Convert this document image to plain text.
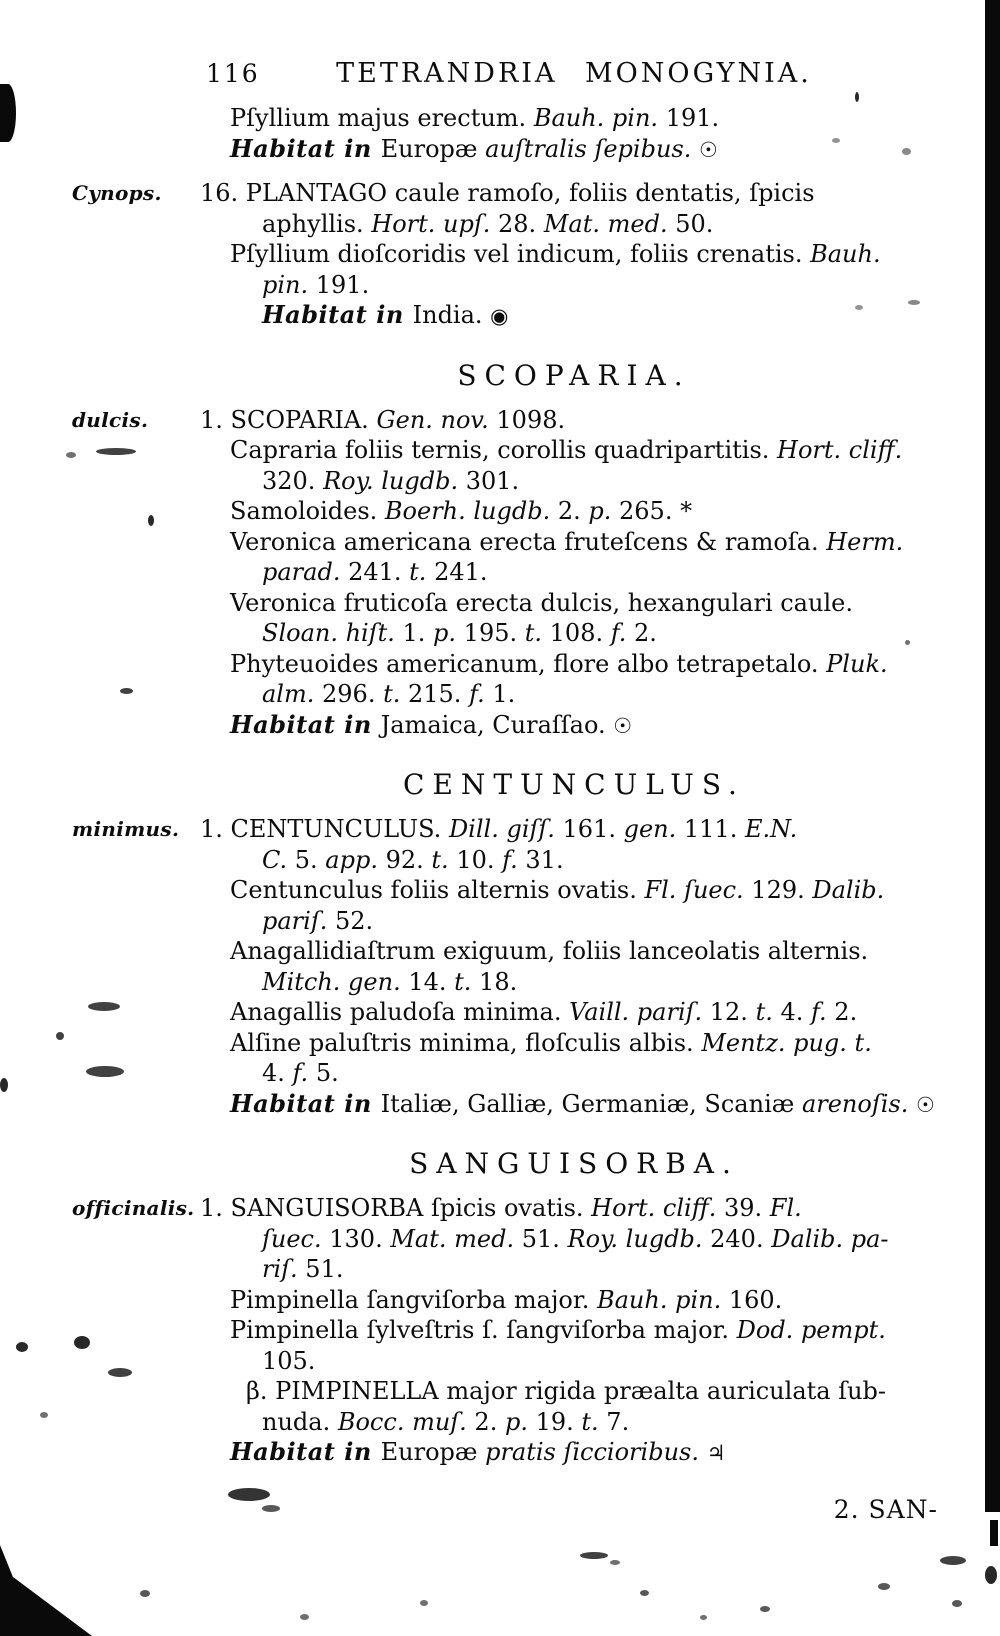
116	TETRANDRIA MONOGYNIA.
Pſyllium majus erectum. Bauh. pin. 191.
Habitat in Europæ auſtralis ſepibus. ☉
Cynops.	16. PLANTAGO caule ramoſo, foliis dentatis, ſpicis
aphyllis. Hort. upſ. 28. Mat. med. 50.
Pſyllium dioſcoridis vel indicum, foliis crenatis. Bauh.
pin. 191.
Habitat in India. ◉
SCOPARIA.
dulcis.	1. SCOPARIA. Gen. nov. 1098.
Capraria foliis ternis, corollis quadripartitis. Hort. cliff.
320. Roy. lugdb. 301.
Samoloides. Boerh. lugdb. 2. p. 265. *
Veronica americana erecta fruteſcens & ramoſa. Herm.
parad. 241. t. 241.
Veronica fruticoſa erecta dulcis, hexangulari caule.
Sloan. hiſt. 1. p. 195. t. 108. f. 2.
Phyteuoides americanum, flore albo tetrapetalo. Pluk.
alm. 296. t. 215. f. 1.
Habitat in Jamaica, Curaſſao. ☉
CENTUNCULUS.
minimus. 1. CENTUNCULUS. Dill. giſſ. 161. gen. 111. E.N.
C. 5. app. 92. t. 10. f. 31.
Centunculus foliis alternis ovatis. Fl. ſuec. 129. Dalib.
pariſ. 52.
Anagallidiaſtrum exiguum, foliis lanceolatis alternis.
Mitch. gen. 14. t. 18.
Anagallis paludoſa minima. Vaill. pariſ. 12. t. 4. f. 2.
Alſine paluſtris minima, floſculis albis. Mentz. pug. t.
4. f. 5.
Habitat in Italiæ, Galliæ, Germaniæ, Scaniæ arenoſis. ☉
SANGUISORBA.
officinalis. 1. SANGUISORBA ſpicis ovatis. Hort. cliff. 39. Fl.
ſuec. 130. Mat. med. 51. Roy. lugdb. 240. Dalib. pa-
riſ. 51.
Pimpinella ſangviſorba major. Bauh. pin. 160.
Pimpinella ſylveſtris ſ. ſangviſorba major. Dod. pempt.
105.
β. PIMPINELLA major rigida præalta auriculata ſub-
nuda. Bocc. muſ. 2. p. 19. t. 7.
Habitat in Europæ pratis ſiccioribus. ♃
2. SAN-
